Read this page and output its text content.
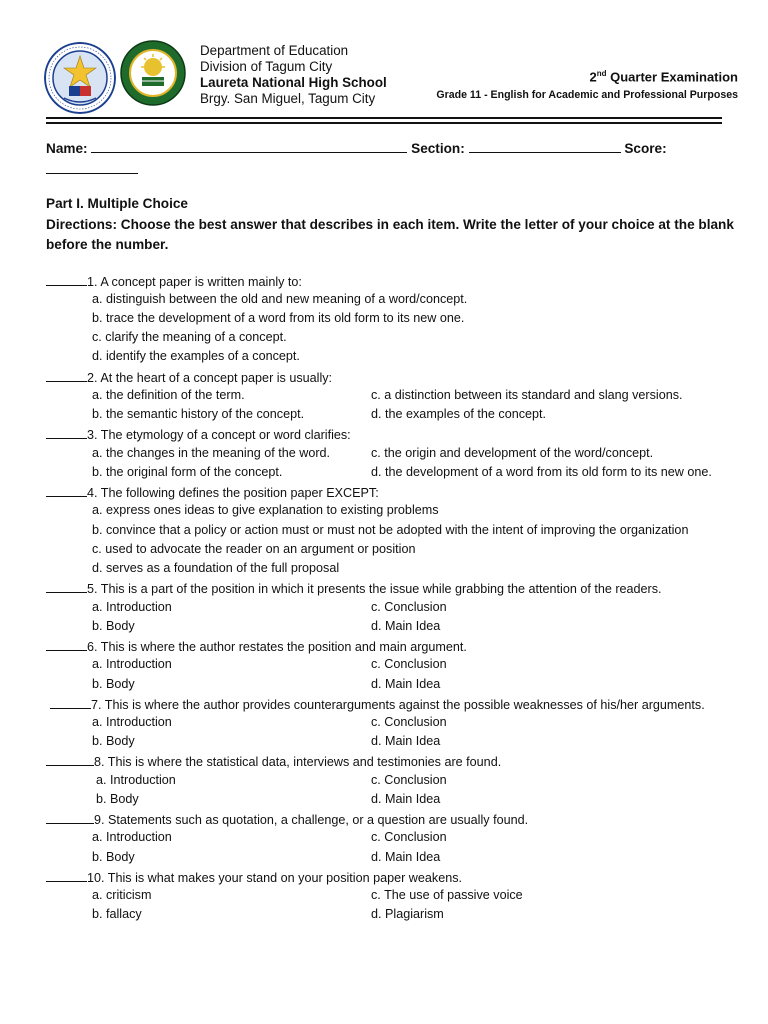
Department of Education
Division of Tagum City
Laureta National High School
Brgy. San Miguel, Tagum City
2nd Quarter Examination
Grade 11 - English for Academic and Professional Purposes
Name:	Section:	Score:

Part I. Multiple Choice
Directions: Choose the best answer that describes in each item. Write the letter of your choice at the blank before the number.
1. A concept paper is written mainly to:
a. distinguish between the old and new meaning of a word/concept.
b. trace the development of a word from its old form to its new one.
c. clarify the meaning of a concept.
d. identify the examples of a concept.
2. At the heart of a concept paper is usually:
a. the definition of the term.	c. a distinction between its standard and slang versions.
b. the semantic history of the concept.	d. the examples of the concept.
3. The etymology of a concept or word clarifies:
a. the changes in the meaning of the word.	c. the origin and development of the word/concept.
b. the original form of the concept.	d. the development of a word from its old form to its new one.
4. The following defines the position paper EXCEPT:
a. express ones ideas to give explanation to existing problems
b. convince that a policy or action must or must not be adopted with the intent of improving the organization
c. used to advocate the reader on an argument or position
d. serves as a foundation of the full proposal
5. This is a part of the position in which it presents the issue while grabbing the attention of the readers.
a. Introduction	c. Conclusion
b. Body	d. Main Idea
6. This is where the author restates the position and main argument.
a. Introduction	c. Conclusion
b. Body	d. Main Idea
7. This is where the author provides counterarguments against the possible weaknesses of his/her arguments.
a. Introduction	c. Conclusion
b. Body	d. Main Idea
8. This is where the statistical data, interviews and testimonies are found.
a. Introduction	c. Conclusion
b. Body	d. Main Idea
9. Statements such as quotation, a challenge, or a question are usually found.
a. Introduction	c. Conclusion
b. Body	d. Main Idea
10. This is what makes your stand on your position paper weakens.
a. criticism	c. The use of passive voice
b. fallacy	d. Plagiarism
